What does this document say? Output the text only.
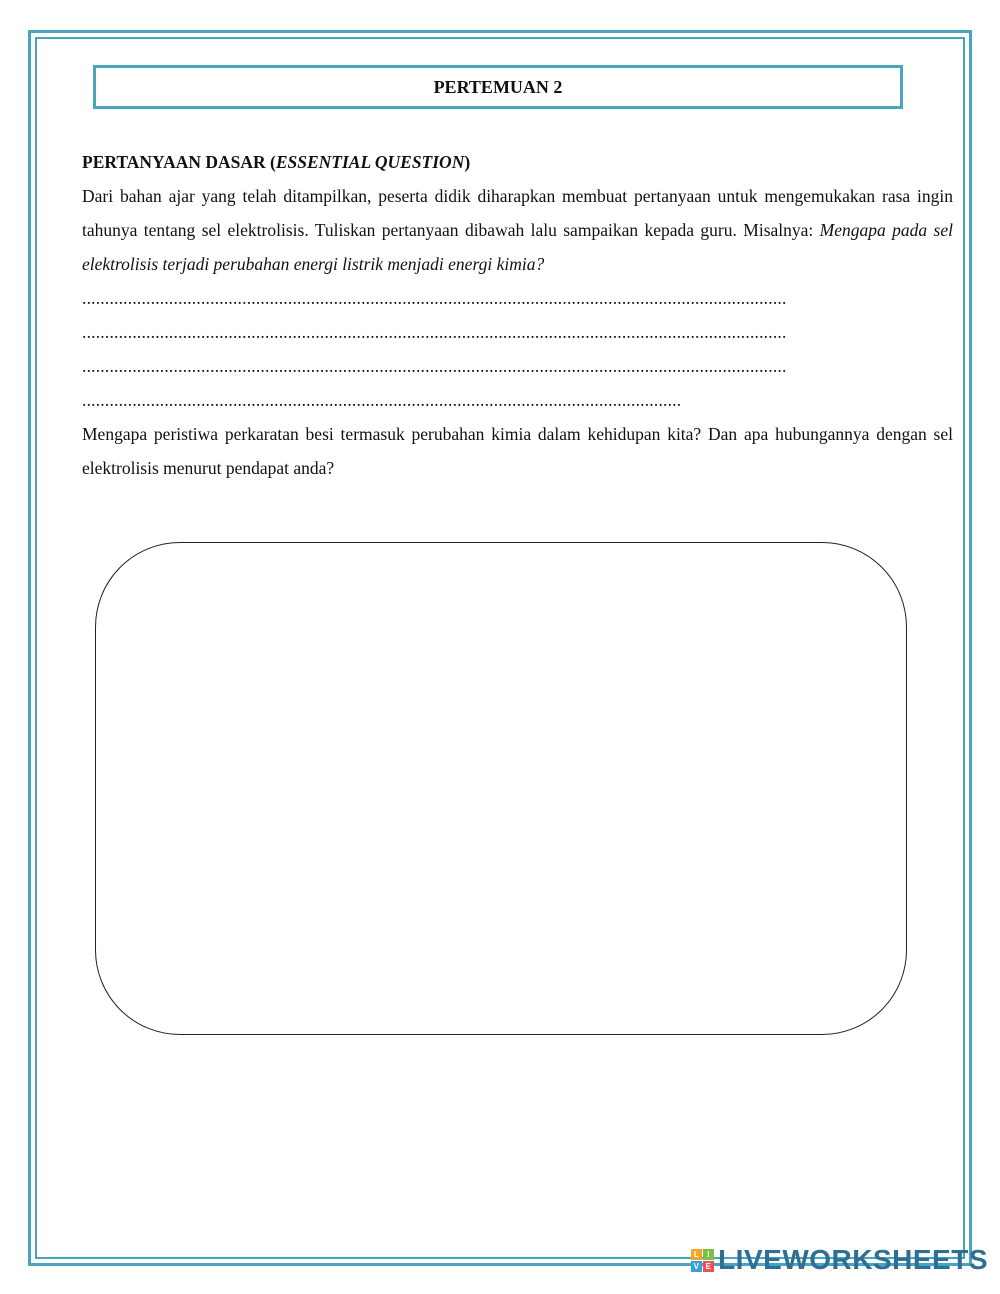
PERTEMUAN 2

PERTANYAAN DASAR (ESSENTIAL QUESTION)

Dari bahan ajar yang telah ditampilkan, peserta didik diharapkan membuat pertanyaan untuk mengemukakan rasa ingin tahunya tentang sel elektrolisis. Tuliskan pertanyaan dibawah lalu sampaikan kepada guru. Misalnya: Mengapa pada sel elektrolisis terjadi perubahan energi listrik menjadi energi kimia?

..........................................................................................................................................................
..........................................................................................................................................................
..........................................................................................................................................................
...................................................................................................................................

Mengapa peristiwa perkaratan besi termasuk perubahan kimia dalam kehidupan kita? Dan apa hubungannya dengan sel elektrolisis menurut pendapat anda?

L I
V E LIVEWORKSHEETS
